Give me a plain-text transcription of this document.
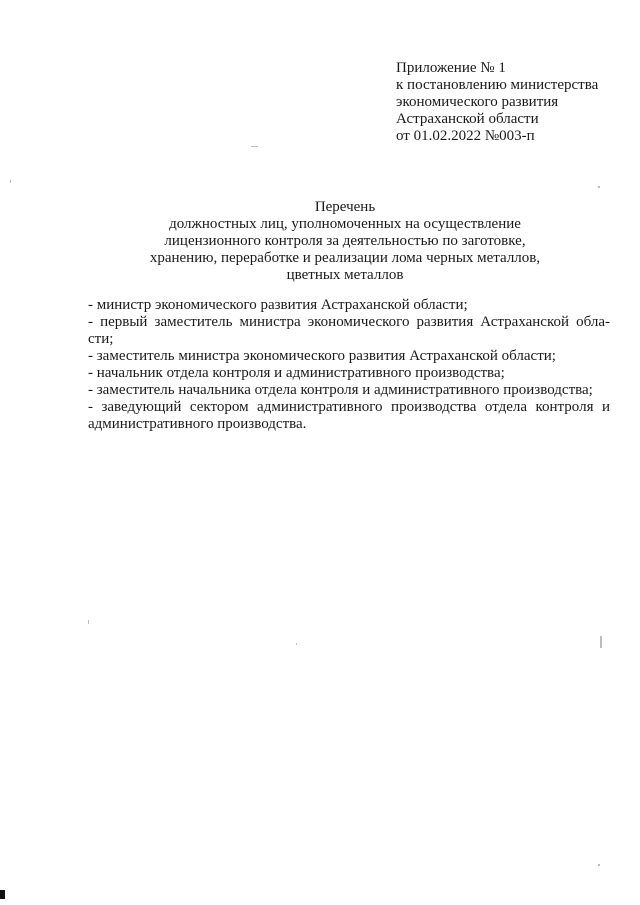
Приложение № 1
к постановлению министерства
экономического развития
Астраханской области
от 01.02.2022 №003-п
Перечень
должностных лиц, уполномоченных на осуществление
лицензионного контроля за деятельностью по заготовке,
хранению, переработке и реализации лома черных металлов,
цветных металлов
- министр экономического развития Астраханской области;
- первый заместитель министра экономического развития Астраханской обла-сти;
- заместитель министра экономического развития Астраханской области;
- начальник отдела контроля и административного производства;
- заместитель начальника отдела контроля и административного производства;
- заведующий сектором административного производства отдела контроля и административного производства.
